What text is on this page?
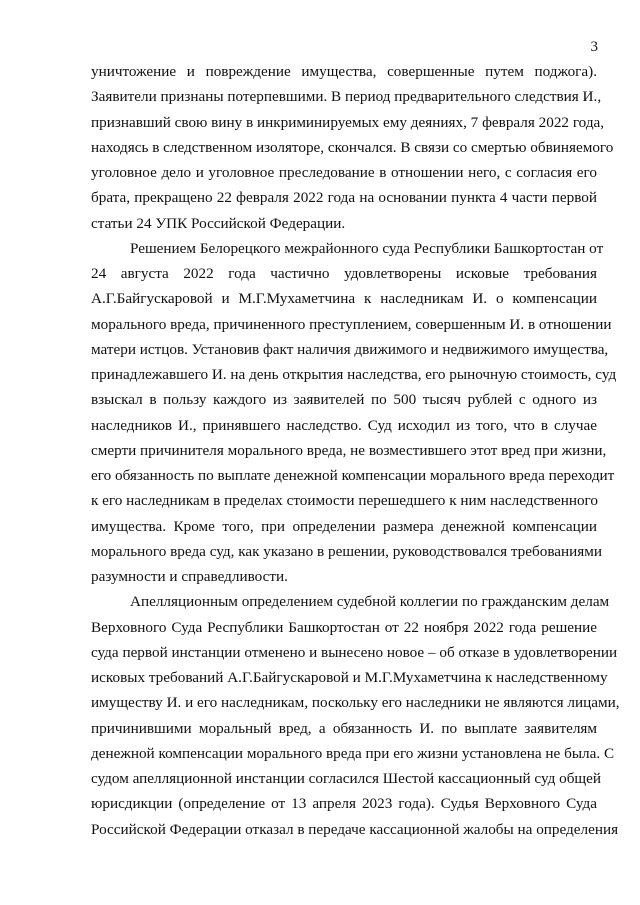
3
уничтожение и повреждение имущества, совершенные путем поджога).
Заявители признаны потерпевшими. В период предварительного следствия И.,
признавший свою вину в инкриминируемых ему деяниях, 7 февраля 2022 года,
находясь в следственном изоляторе, скончался. В связи со смертью обвиняемого
уголовное дело и уголовное преследование в отношении него, с согласия его
брата, прекращено 22 февраля 2022 года на основании пункта 4 части первой
статьи 24 УПК Российской Федерации.
Решением Белорецкого межрайонного суда Республики Башкортостан от
24 августа 2022 года частично удовлетворены исковые требования
А.Г.Байгускаровой и М.Г.Мухаметчина к наследникам И. о компенсации
морального вреда, причиненного преступлением, совершенным И. в отношении
матери истцов. Установив факт наличия движимого и недвижимого имущества,
принадлежавшего И. на день открытия наследства, его рыночную стоимость, суд
взыскал в пользу каждого из заявителей по 500 тысяч рублей с одного из
наследников И., принявшего наследство. Суд исходил из того, что в случае
смерти причинителя морального вреда, не возместившего этот вред при жизни,
его обязанность по выплате денежной компенсации морального вреда переходит
к его наследникам в пределах стоимости перешедшего к ним наследственного
имущества. Кроме того, при определении размера денежной компенсации
морального вреда суд, как указано в решении, руководствовался требованиями
разумности и справедливости.
Апелляционным определением судебной коллегии по гражданским делам
Верховного Суда Республики Башкортостан от 22 ноября 2022 года решение
суда первой инстанции отменено и вынесено новое – об отказе в удовлетворении
исковых требований А.Г.Байгускаровой и М.Г.Мухаметчина к наследственному
имуществу И. и его наследникам, поскольку его наследники не являются лицами,
причинившими моральный вред, а обязанность И. по выплате заявителям
денежной компенсации морального вреда при его жизни установлена не была. С
судом апелляционной инстанции согласился Шестой кассационный суд общей
юрисдикции (определение от 13 апреля 2023 года). Судья Верховного Суда
Российской Федерации отказал в передаче кассационной жалобы на определения
